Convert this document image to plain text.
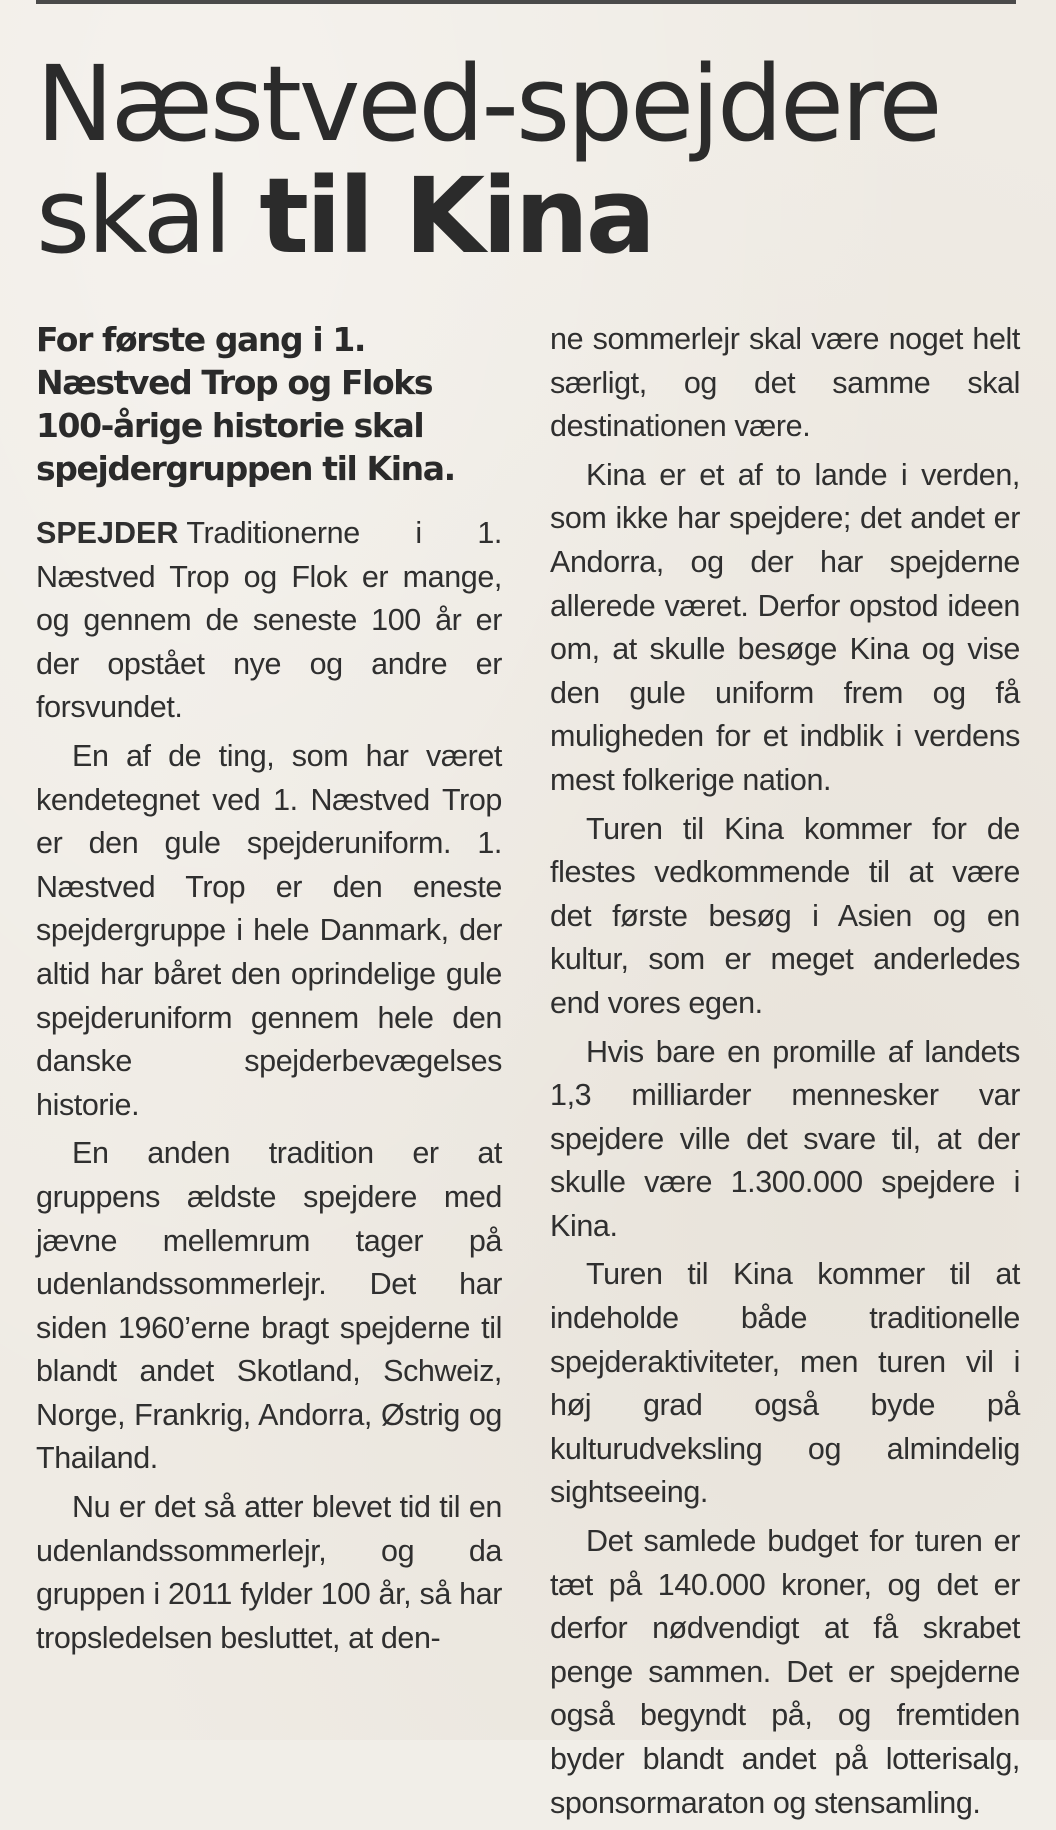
Næstved-spejdere
skal til Kina

For første gang i 1. Næstved Trop og Floks 100-årige historie skal spejdergruppen til Kina.

SPEJDER Traditionerne i 1. Næstved Trop og Flok er mange, og gennem de seneste 100 år er der opstået nye og andre er forsvundet.

En af de ting, som har været kendetegnet ved 1. Næstved Trop er den gule spejderuniform. 1. Næstved Trop er den eneste spejdergruppe i hele Danmark, der altid har båret den oprindelige gule spejderuniform gennem hele den danske spejderbevægelses historie.

En anden tradition er at gruppens ældste spejdere med jævne mellemrum tager på udenlandssommerlejr. Det har siden 1960’erne bragt spejderne til blandt andet Skotland, Schweiz, Norge, Frankrig, Andorra, Østrig og Thailand.

Nu er det så atter blevet tid til en udenlandssommerlejr, og da gruppen i 2011 fylder 100 år, så har tropsledelsen besluttet, at den-

ne sommerlejr skal være noget helt særligt, og det samme skal destinationen være.

Kina er et af to lande i verden, som ikke har spejdere; det andet er Andorra, og der har spejderne allerede været. Derfor opstod ideen om, at skulle besøge Kina og vise den gule uniform frem og få muligheden for et indblik i verdens mest folkerige nation.

Turen til Kina kommer for de flestes vedkommende til at være det første besøg i Asien og en kultur, som er meget anderledes end vores egen.

Hvis bare en promille af landets 1,3 milliarder mennesker var spejdere ville det svare til, at der skulle være 1.300.000 spejdere i Kina.

Turen til Kina kommer til at indeholde både traditionelle spejderaktiviteter, men turen vil i høj grad også byde på kulturudveksling og almindelig sightseeing.

Det samlede budget for turen er tæt på 140.000 kroner, og det er derfor nødvendigt at få skrabet penge sammen. Det er spejderne også begyndt på, og fremtiden byder blandt andet på lotterisalg, sponsormaraton og stensamling.
